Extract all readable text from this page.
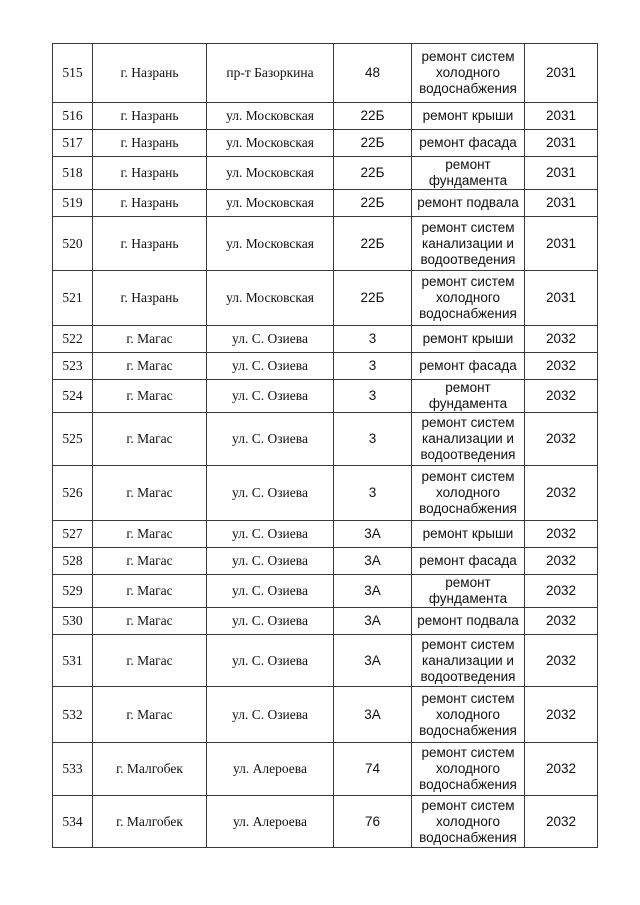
515	г. Назрань	пр-т Базоркина	48	ремонт систем
холодного
водоснабжения	2031
516	г. Назрань	ул. Московская	22Б	ремонт крыши	2031
517	г. Назрань	ул. Московская	22Б	ремонт фасада	2031
518	г. Назрань	ул. Московская	22Б	ремонт
фундамента	2031
519	г. Назрань	ул. Московская	22Б	ремонт подвала	2031
520	г. Назрань	ул. Московская	22Б	ремонт систем
канализации и
водоотведения	2031
521	г. Назрань	ул. Московская	22Б	ремонт систем
холодного
водоснабжения	2031
522	г. Магас	ул. С. Озиева	3	ремонт крыши	2032
523	г. Магас	ул. С. Озиева	3	ремонт фасада	2032
524	г. Магас	ул. С. Озиева	3	ремонт
фундамента	2032
525	г. Магас	ул. С. Озиева	3	ремонт систем
канализации и
водоотведения	2032
526	г. Магас	ул. С. Озиева	3	ремонт систем
холодного
водоснабжения	2032
527	г. Магас	ул. С. Озиева	3А	ремонт крыши	2032
528	г. Магас	ул. С. Озиева	3А	ремонт фасада	2032
529	г. Магас	ул. С. Озиева	3А	ремонт
фундамента	2032
530	г. Магас	ул. С. Озиева	3А	ремонт подвала	2032
531	г. Магас	ул. С. Озиева	3А	ремонт систем
канализации и
водоотведения	2032
532	г. Магас	ул. С. Озиева	3А	ремонт систем
холодного
водоснабжения	2032
533	г. Малгобек	ул. Алероева	74	ремонт систем
холодного
водоснабжения	2032
534	г. Малгобек	ул. Алероева	76	ремонт систем
холодного
водоснабжения	2032
